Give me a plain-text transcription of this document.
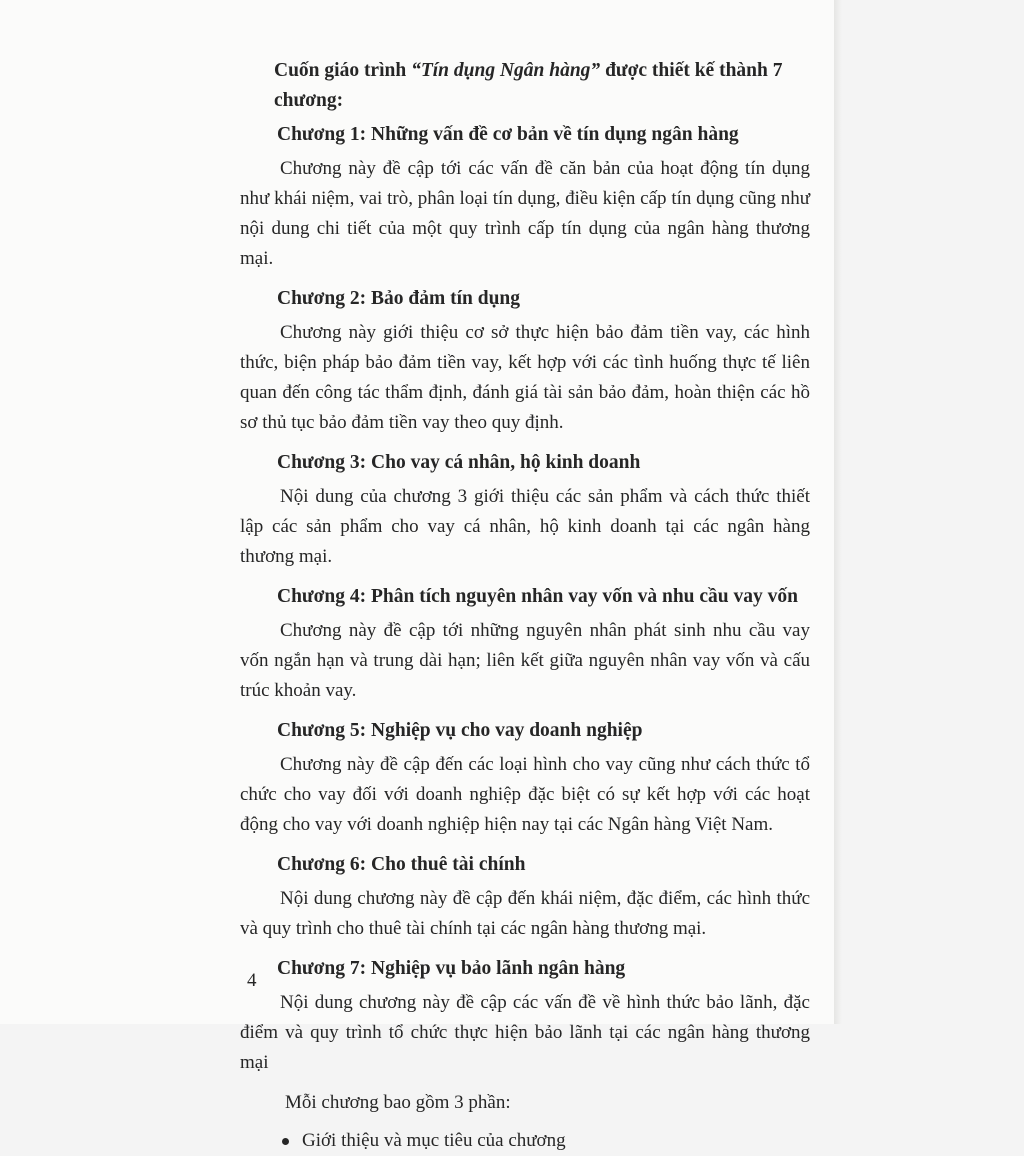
Cuốn giáo trình “Tín dụng Ngân hàng” được thiết kế thành 7 chương:
Chương 1: Những vấn đề cơ bản về tín dụng ngân hàng

Chương này đề cập tới các vấn đề căn bản của hoạt động tín dụng như khái niệm, vai trò, phân loại tín dụng, điều kiện cấp tín dụng cũng như nội dung chi tiết của một quy trình cấp tín dụng của ngân hàng thương mại.

Chương 2: Bảo đảm tín dụng

Chương này giới thiệu cơ sở thực hiện bảo đảm tiền vay, các hình thức, biện pháp bảo đảm tiền vay, kết hợp với các tình huống thực tế liên quan đến công tác thẩm định, đánh giá tài sản bảo đảm, hoàn thiện các hồ sơ thủ tục bảo đảm tiền vay theo quy định.

Chương 3: Cho vay cá nhân, hộ kinh doanh

Nội dung của chương 3 giới thiệu các sản phẩm và cách thức thiết lập các sản phẩm cho vay cá nhân, hộ kinh doanh tại các ngân hàng thương mại.

Chương 4: Phân tích nguyên nhân vay vốn và nhu cầu vay vốn

Chương này đề cập tới những nguyên nhân phát sinh nhu cầu vay vốn ngắn hạn và trung dài hạn; liên kết giữa nguyên nhân vay vốn và cấu trúc khoản vay.

Chương 5: Nghiệp vụ cho vay doanh nghiệp

Chương này đề cập đến các loại hình cho vay cũng như cách thức tổ chức cho vay đối với doanh nghiệp đặc biệt có sự kết hợp với các hoạt động cho vay với doanh nghiệp hiện nay tại các Ngân hàng Việt Nam.

Chương 6: Cho thuê tài chính

Nội dung chương này đề cập đến khái niệm, đặc điểm, các hình thức và quy trình cho thuê tài chính tại các ngân hàng thương mại.

Chương 7: Nghiệp vụ bảo lãnh ngân hàng

Nội dung chương này đề cập các vấn đề về hình thức bảo lãnh, đặc điểm và quy trình tổ chức thực hiện bảo lãnh tại các ngân hàng thương mại

Mỗi chương bao gồm 3 phần:

Giới thiệu và mục tiêu của chương
4
